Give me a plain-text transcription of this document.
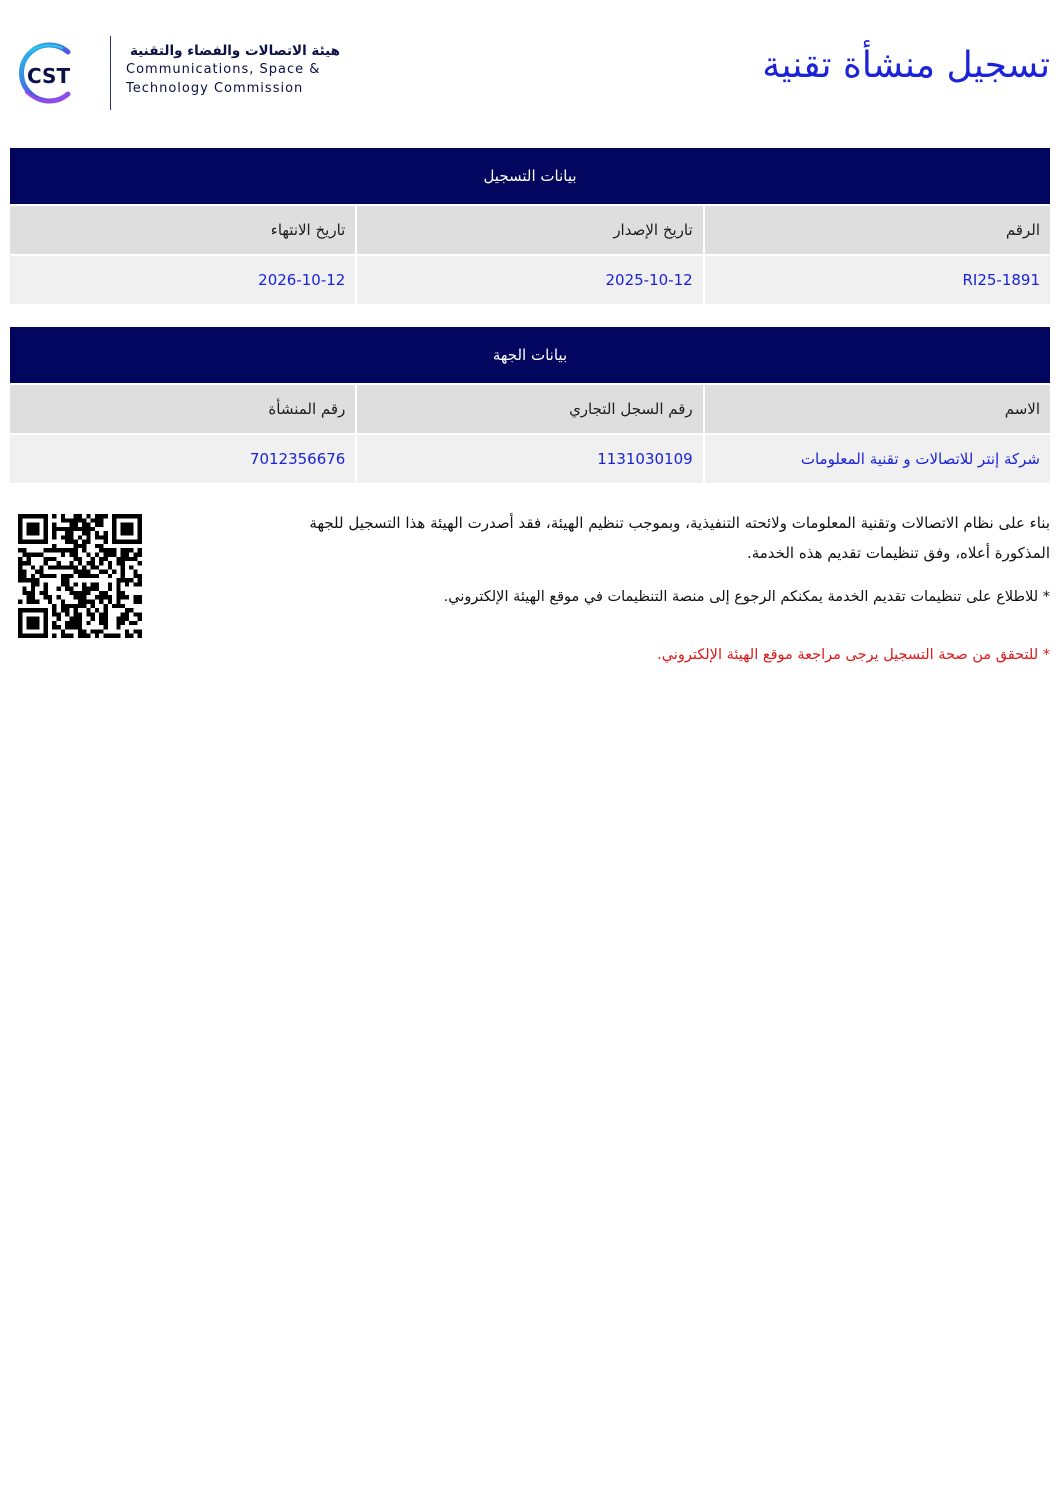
تسجيل منشأة تقنية
CST
هيئة الاتصالات والفضاء والتقنية
Communications, Space &
Technology Commission
بيانات التسجيل
الرقم
تاريخ الإصدار
تاريخ الانتهاء
RI25-1891
2025-10-12
2026-10-12
بيانات الجهة
الاسم
رقم السجل التجاري
رقم المنشأة
شركة إنتر للاتصالات و تقنية المعلومات
1131030109
7012356676

بناء على نظام الاتصالات وتقنية المعلومات ولائحته التنفيذية، وبموجب تنظيم الهيئة، فقد أصدرت الهيئة هذا التسجيل للجهة المذكورة أعلاه، وفق تنظيمات تقديم هذه الخدمة.

* للاطلاع على تنظيمات تقديم الخدمة يمكنكم الرجوع إلى منصة التنظيمات في موقع الهيئة الإلكتروني.

* للتحقق من صحة التسجيل يرجى مراجعة موقع الهيئة الإلكتروني.
